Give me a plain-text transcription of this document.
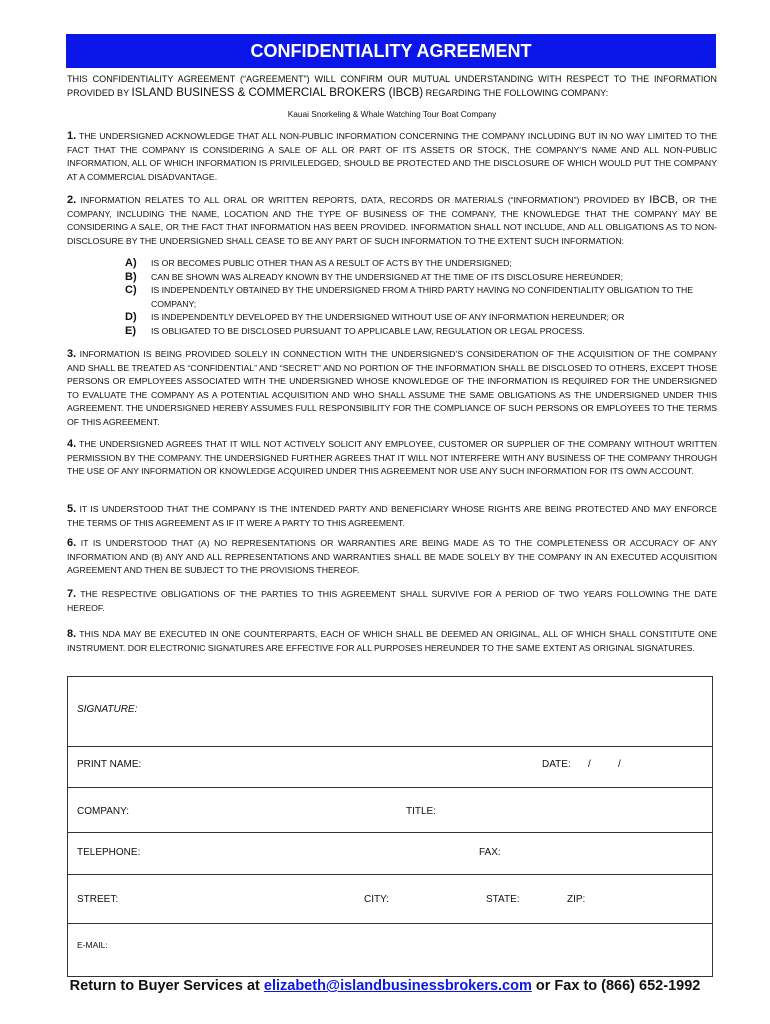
CONFIDENTIALITY AGREEMENT
THIS CONFIDENTIALITY AGREEMENT (“AGREEMENT”) WILL CONFIRM OUR MUTUAL UNDERSTANDING WITH RESPECT TO THE INFORMATION PROVIDED BY ISLAND BUSINESS & COMMERCIAL BROKERS (IBCB) REGARDING THE FOLLOWING COMPANY:
Kauai Snorkeling & Whale Watching Tour Boat Company
1. THE UNDERSIGNED ACKNOWLEDGE THAT ALL NON-PUBLIC INFORMATION CONCERNING THE COMPANY INCLUDING BUT IN NO WAY LIMITED TO THE FACT THAT THE COMPANY IS CONSIDERING A SALE OF ALL OR PART OF ITS ASSETS OR STOCK, THE COMPANY’S NAME AND ALL NON-PUBLIC INFORMATION, ALL OF WHICH INFORMATION IS PRIVILELEDGED, SHOULD BE PROTECTED AND THE DISCLOSURE OF WHICH WOULD PUT THE COMPANY AT A COMMERCIAL DISADVANTAGE.
2. INFORMATION RELATES TO ALL ORAL OR WRITTEN REPORTS, DATA, RECORDS OR MATERIALS (“INFORMATION”) PROVIDED BY IBCB, OR THE COMPANY, INCLUDING THE NAME, LOCATION AND THE TYPE OF BUSINESS OF THE COMPANY, THE KNOWLEDGE THAT THE COMPANY MAY BE CONSIDERING A SALE, OR THE FACT THAT INFORMATION HAS BEEN PROVIDED. INFORMATION SHALL NOT INCLUDE, AND ALL OBLIGATIONS AS TO NON-DISCLOSURE BY THE UNDERSIGNED SHALL CEASE TO BE ANY PART OF SUCH INFORMATION TO THE EXTENT SUCH INFORMATION:
A)	IS OR BECOMES PUBLIC OTHER THAN AS A RESULT OF ACTS BY THE UNDERSIGNED;
B)	CAN BE SHOWN WAS ALREADY KNOWN BY THE UNDERSIGNED AT THE TIME OF ITS DISCLOSURE HEREUNDER;
C)	IS INDEPENDENTLY OBTAINED BY THE UNDERSIGNED FROM A THIRD PARTY HAVING NO CONFIDENTIALITY OBLIGATION TO THE COMPANY;
D)	IS INDEPENDENTLY DEVELOPED BY THE UNDERSIGNED WITHOUT USE OF ANY INFORMATION HEREUNDER; OR
E)	IS OBLIGATED TO BE DISCLOSED PURSUANT TO APPLICABLE LAW, REGULATION OR LEGAL PROCESS.
3. INFORMATION IS BEING PROVIDED SOLELY IN CONNECTION WITH THE UNDERSIGNED’S CONSIDERATION OF THE ACQUISITION OF THE COMPANY AND SHALL BE TREATED AS “CONFIDENTIAL” AND “SECRET” AND NO PORTION OF THE INFORMATION SHALL BE DISCLOSED TO OTHERS, EXCEPT THOSE PERSONS OR EMPLOYEES ASSOCIATED WITH THE UNDERSIGNED WHOSE KNOWLEDGE OF THE INFORMATION IS REQUIRED FOR THE UNDERSIGNED TO EVALUATE THE COMPANY AS A POTENTIAL ACQUISITION AND WHO SHALL ASSUME THE SAME OBLIGATIONS AS THE UNDERSIGNED UNDER THIS AGREEMENT. THE UNDERSIGNED HEREBY ASSUMES FULL RESPONSIBILITY FOR THE COMPLIANCE OF SUCH PERSONS OR EMPLOYEES TO THE TERMS OF THIS AGREEMENT.
4. THE UNDERSIGNED AGREES THAT IT WILL NOT ACTIVELY SOLICIT ANY EMPLOYEE, CUSTOMER OR SUPPLIER OF THE COMPANY WITHOUT WRITTEN PERMISSION BY THE COMPANY. THE UNDERSIGNED FURTHER AGREES THAT IT WILL NOT INTERFERE WITH ANY BUSINESS OF THE COMPANY THROUGH THE USE OF ANY INFORMATION OR KNOWLEDGE ACQUIRED UNDER THIS AGREEMENT NOR USE ANY SUCH INFORMATION FOR ITS OWN ACCOUNT.
5. IT IS UNDERSTOOD THAT THE COMPANY IS THE INTENDED PARTY AND BENEFICIARY WHOSE RIGHTS ARE BEING PROTECTED AND MAY ENFORCE THE TERMS OF THIS AGREEMENT AS IF IT WERE A PARTY TO THIS AGREEMENT.
6. IT IS UNDERSTOOD THAT (A) NO REPRESENTATIONS OR WARRANTIES ARE BEING MADE AS TO THE COMPLETENESS OR ACCURACY OF ANY INFORMATION AND (B) ANY AND ALL REPRESENTATIONS AND WARRANTIES SHALL BE MADE SOLELY BY THE COMPANY IN AN EXECUTED ACQUISITION AGREEMENT AND THEN BE SUBJECT TO THE PROVISIONS THEREOF.
7. THE RESPECTIVE OBLIGATIONS OF THE PARTIES TO THIS AGREEMENT SHALL SURVIVE FOR A PERIOD OF TWO YEARS FOLLOWING THE DATE HEREOF.
8. THIS NDA MAY BE EXECUTED IN ONE COUNTERPARTS, EACH OF WHICH SHALL BE DEEMED AN ORIGINAL, ALL OF WHICH SHALL CONSTITUTE ONE INSTRUMENT. DOR ELECTRONIC SIGNATURES ARE EFFECTIVE FOR ALL PURPOSES HEREUNDER TO THE SAME EXTENT AS ORIGINAL SIGNATURES.
SIGNATURE:
PRINT NAME:	DATE: /	/
COMPANY:	TITLE:
TELEPHONE:	FAX:
STREET:	CITY:	STATE:	ZIP:
E-MAIL:
Return to Buyer Services at elizabeth@islandbusinessbrokers.com or Fax to (866) 652-1992
